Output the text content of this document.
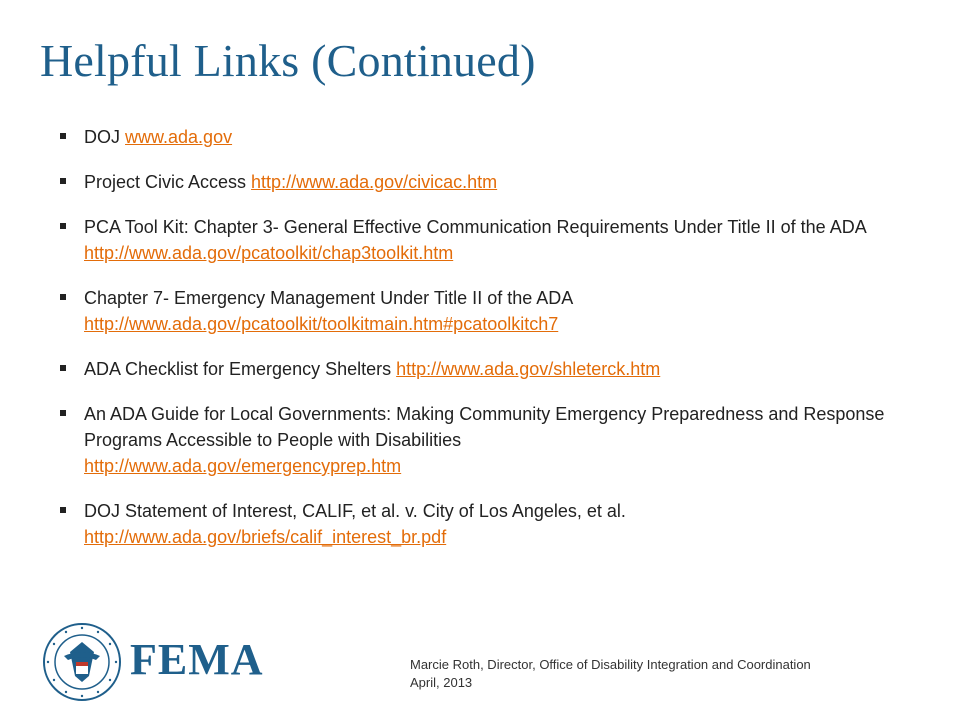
Helpful Links (Continued)
DOJ www.ada.gov
Project Civic Access http://www.ada.gov/civicac.htm
PCA Tool Kit: Chapter 3- General Effective Communication Requirements Under Title II of the ADA http://www.ada.gov/pcatoolkit/chap3toolkit.htm
Chapter 7- Emergency Management Under Title II of the ADA
http://www.ada.gov/pcatoolkit/toolkitmain.htm#pcatoolkitch7
ADA Checklist for Emergency Shelters http://www.ada.gov/shleterck.htm
An ADA Guide for Local Governments: Making Community Emergency Preparedness and Response Programs Accessible to People with Disabilities
http://www.ada.gov/emergencyprep.htm
DOJ Statement of Interest, CALIF, et al. v. City of Los Angeles, et al.
http://www.ada.gov/briefs/calif_interest_br.pdf
FEMA	Marcie Roth, Director, Office of Disability Integration and Coordination
April, 2013
